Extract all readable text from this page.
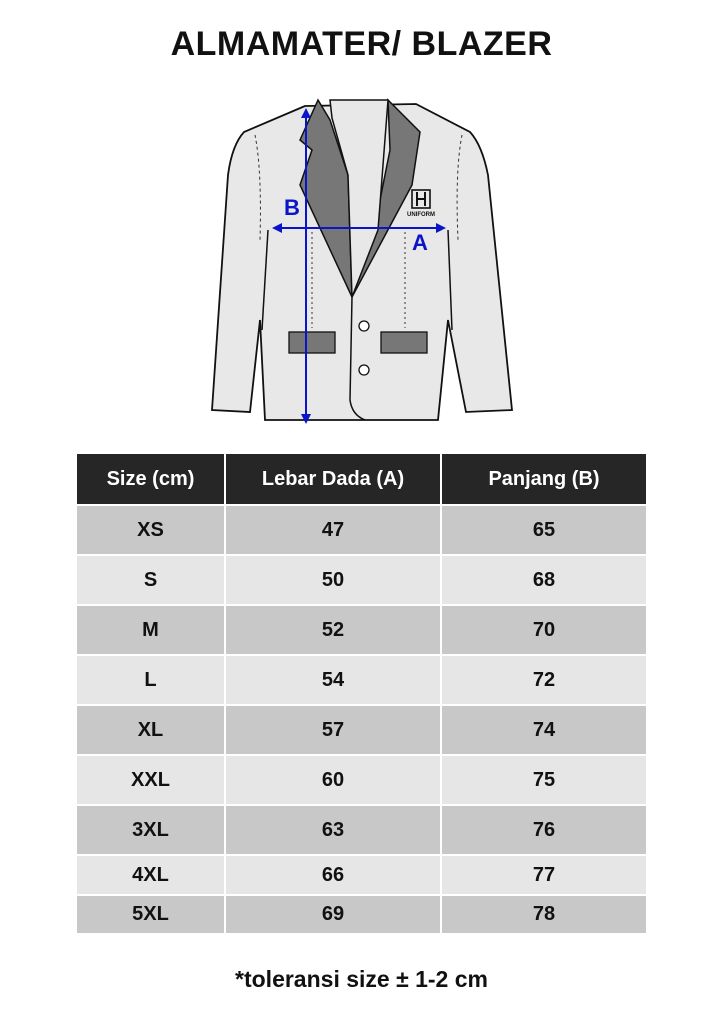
ALMAMATER/ BLAZER
UNIFORM
A
B
Size (cm)	Lebar Dada (A)	Panjang (B)
XS	47	65
S	50	68
M	52	70
L	54	72
XL	57	74
XXL	60	75
3XL	63	76
4XL	66	77
5XL	69	78
*toleransi size ± 1-2 cm
